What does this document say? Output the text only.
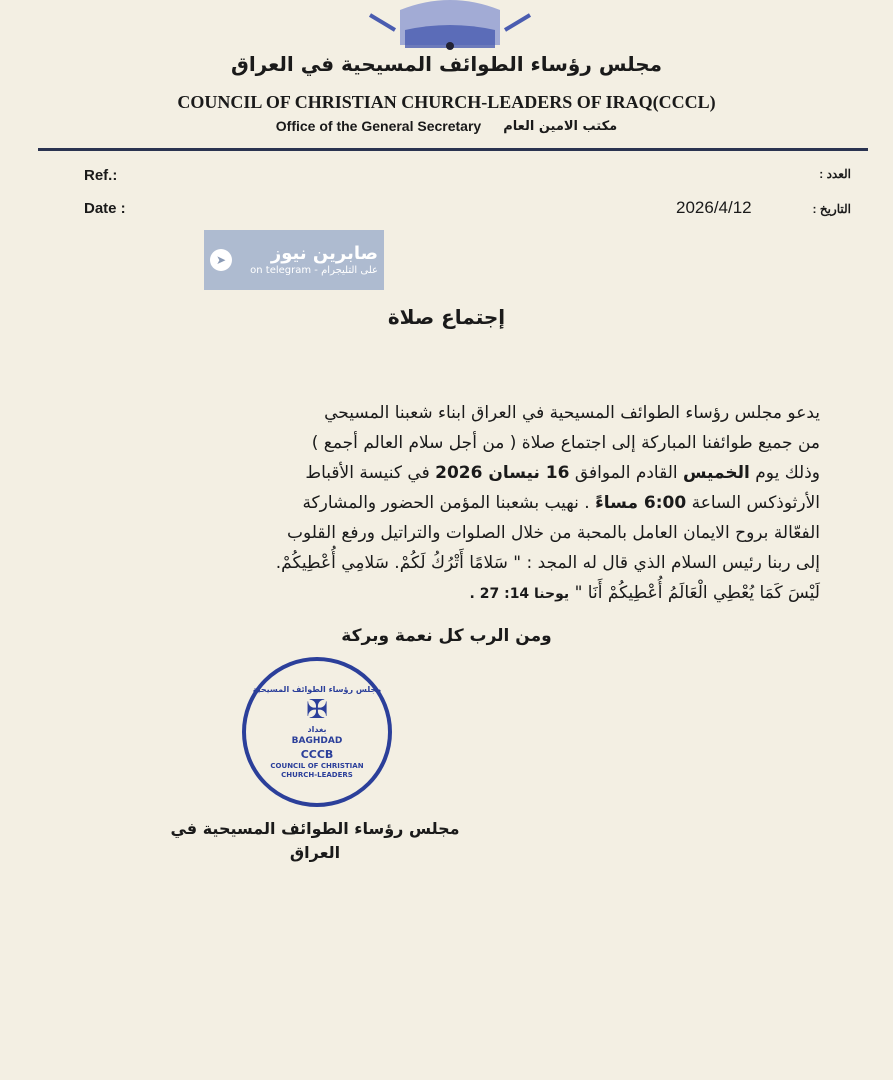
مجلس رؤساء الطوائف المسيحية في العراق
COUNCIL OF CHRISTIAN CHURCH-LEADERS OF IRAQ(CCCL)
Office of the General Secretary مكتب الامين العام
Ref.:	العدد :
Date :	2026/4/12	التاريخ :
➤	صابرين نيوز
on telegram - على التليجرام
إجتماع صلاة
يدعو مجلس رؤساء الطوائف المسيحية في العراق ابناء شعبنا المسيحي
من جميع طوائفنا المباركة إلى اجتماع صلاة ( من أجل سلام العالم أجمع )
وذلك يوم الخميس القادم الموافق 16 نيسان 2026 في كنيسة الأقباط
الأرثوذكس الساعة 6:00 مساءً . نهيب بشعبنا المؤمن الحضور والمشاركة
الفعّالة بروح الايمان العامل بالمحبة من خلال الصلوات والتراتيل ورفع القلوب
إلى ربنا رئيس السلام الذي قال له المجد : " سَلامًا أَتْرُكُ لَكُمْ. سَلامِي أُعْطِيكُمْ.
لَيْسَ كَمَا يُعْطِي الْعَالَمُ أُعْطِيكُمْ أَنَا " يوحنا 14: 27 .
ومن الرب كل نعمة وبركة
مجلس رؤساء الطوائف المسيحية
✠
بغداد
BAGHDAD
CCCB
COUNCIL OF CHRISTIAN CHURCH-LEADERS
مجلس رؤساء الطوائف المسيحية في العراق
